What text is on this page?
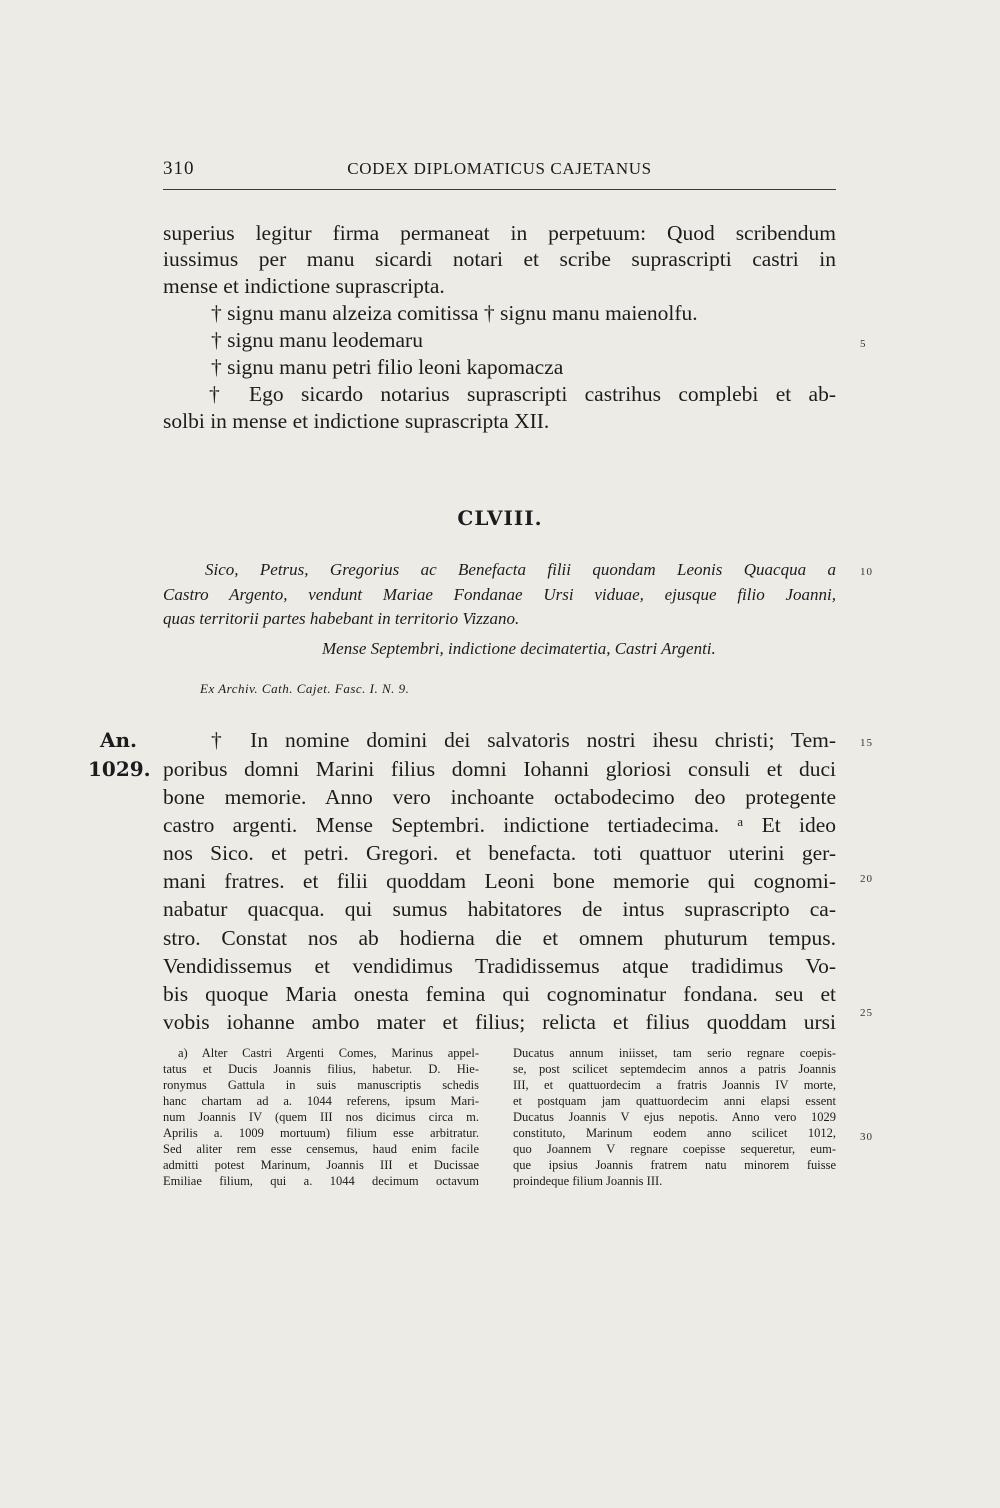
310	CODEX DIPLOMATICUS CAJETANUS
superius legitur firma permaneat in perpetuum: Quod scribendum
iussimus per manu sicardi notari et scribe suprascripti castri in
mense et indictione suprascripta.
† signu manu alzeiza comitissa † signu manu maienolfu.
† signu manu leodemaru
† signu manu petri filio leoni kapomacza
† Ego sicardo notarius suprascripti castrihus complebi et ab-
solbi in mense et indictione suprascripta XII.
CLVIII.
Sico, Petrus, Gregorius ac Benefacta filii quondam Leonis Quacqua a
Castro Argento, vendunt Mariae Fondanae Ursi viduae, ejusque filio Joanni,
quas territorii partes habebant in territorio Vizzano.
Mense Septembri, indictione decimatertia, Castri Argenti.
Ex Archiv. Cath. Cajet. Fasc. I. N. 9.
An.
1029.
† In nomine domini dei salvatoris nostri ihesu christi; Tem-
poribus domni Marini filius domni Iohanni gloriosi consuli et duci
bone memorie. Anno vero inchoante octabodecimo deo protegente
castro argenti. Mense Septembri. indictione tertiadecima. ᵃ Et ideo
nos Sico. et petri. Gregori. et benefacta. toti quattuor uterini ger-
mani fratres. et filii quoddam Leoni bone memorie qui cognomi-
nabatur quacqua. qui sumus habitatores de intus suprascripto ca-
stro. Constat nos ab hodierna die et omnem phuturum tempus.
Vendidissemus et vendidimus Tradidissemus atque tradidimus Vo-
bis quoque Maria onesta femina qui cognominatur fondana. seu et
vobis iohanne ambo mater et filius; relicta et filius quoddam ursi
5
10
15
20
25
30
a) Alter Castri Argenti Comes, Marinus appel-
tatus et Ducis Joannis filius, habetur. D. Hie-
ronymus Gattula in suis manuscriptis schedis
hanc chartam ad a. 1044 referens, ipsum Mari-
num Joannis IV (quem III nos dicimus circa m.
Aprilis a. 1009 mortuum) filium esse arbitratur.
Sed aliter rem esse censemus, haud enim facile
admitti potest Marinum, Joannis III et Ducissae
Emiliae filium, qui a. 1044 decimum octavum
Ducatus annum iniisset, tam serio regnare coepis-
se, post scilicet septemdecim annos a patris Joannis
III, et quattuordecim a fratris Joannis IV morte,
et postquam jam quattuordecim anni elapsi essent
Ducatus Joannis V ejus nepotis. Anno vero 1029
constituto, Marinum eodem anno scilicet 1012,
quo Joannem V regnare coepisse sequeretur, eum-
que ipsius Joannis fratrem natu minorem fuisse
proindeque filium Joannis III.
